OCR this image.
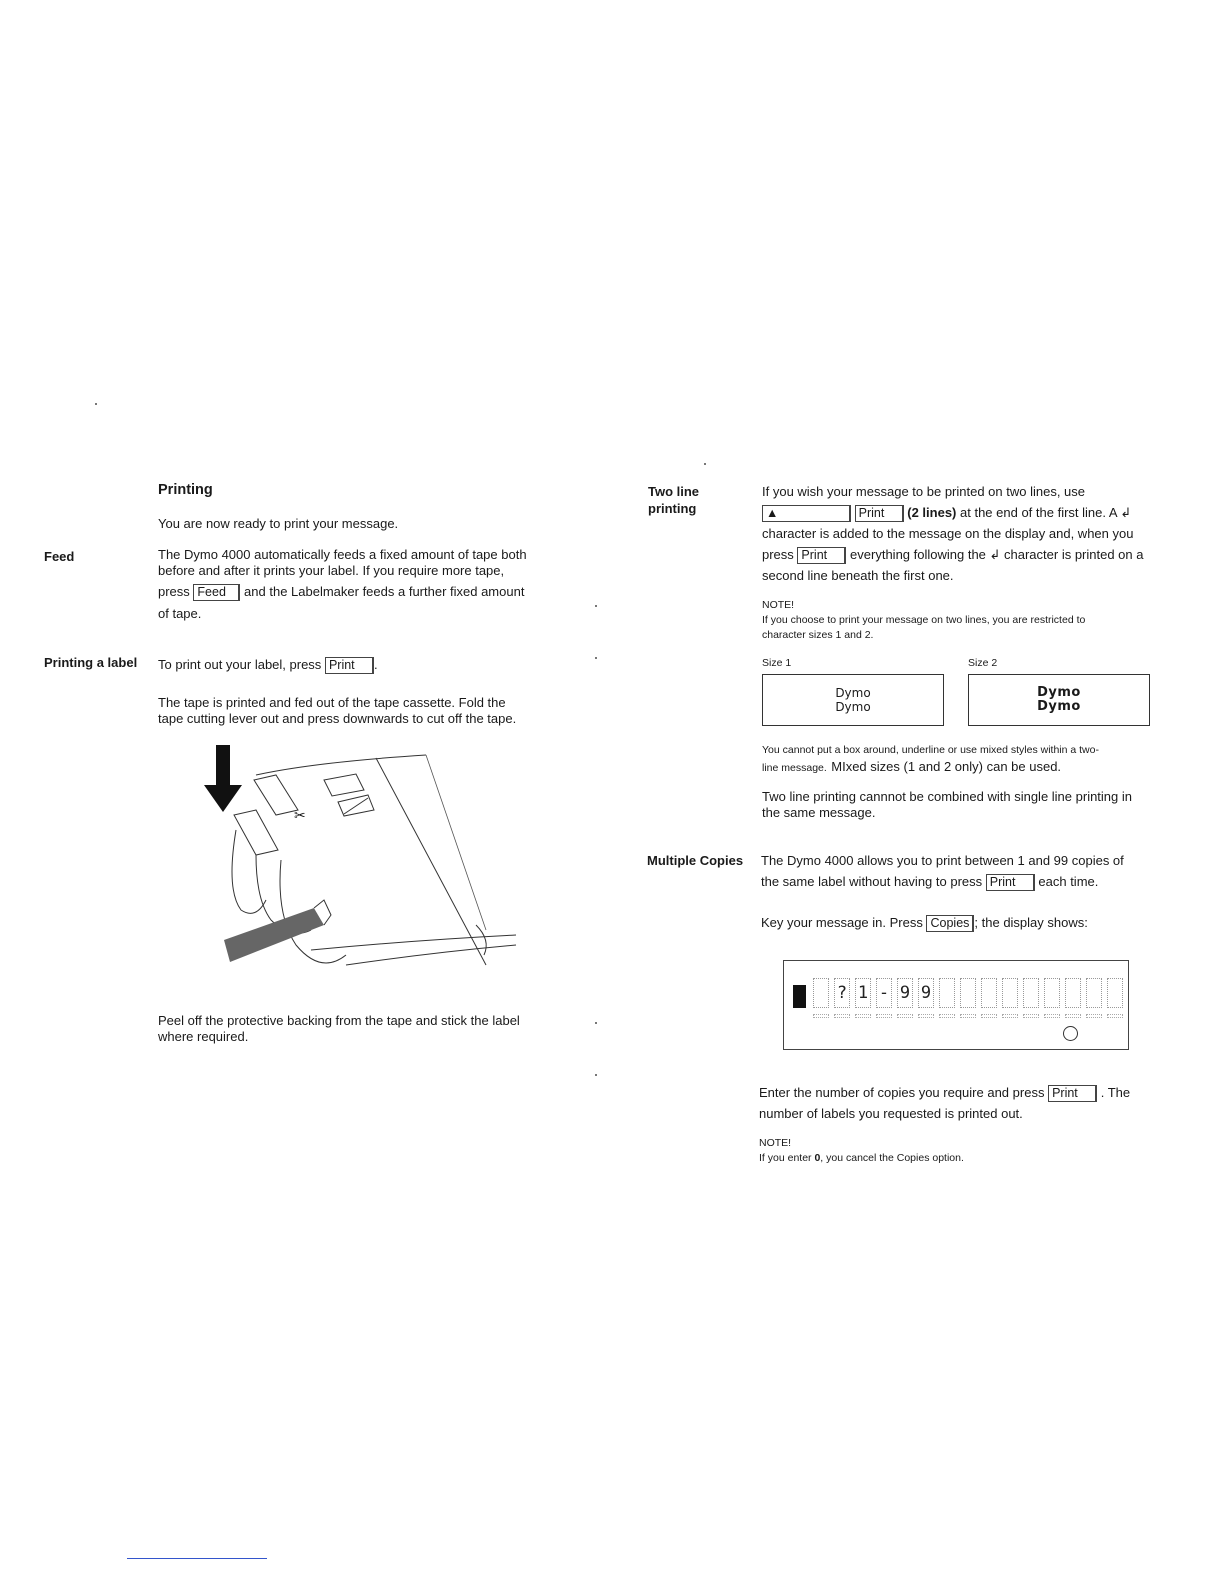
Printing
You are now ready to print your message.
Feed	The Dymo 4000 automatically feeds a fixed amount of tape both
before and after it prints your label. If you require more tape,
press Feed and the Labelmaker feeds a further fixed amount
of tape.
Printing a label To print out your label, press Print .
The tape is printed and fed out of the tape cassette. Fold the
tape cutting lever out and press downwards to cut off the tape.
✂
Peel off the protective backing from the tape and stick the label
where required.
Two line
printing
If you wish your message to be printed on two lines, use
▲	Print (2 lines) at the end of the first line. A ↲
character is added to the message on the display and, when you
press Print everything following the ↲ character is printed on a
second line beneath the first one.
NOTE!
If you choose to print your message on two lines, you are restricted to
character sizes 1 and 2.
Size 1	Size 2
Dymo
Dymo
Dymo
Dymo
You cannot put a box around, underline or use mixed styles within a two-
line message. MIxed sizes (1 and 2 only) can be used.
Two line printing cannnot be combined with single line printing in
the same message.
Multiple Copies The Dymo 4000 allows you to print between 1 and 99 copies of
the same label without having to press Print each time.
Key your message in. Press Copies ; the display shows:
? 1 - 9 9
Enter the number of copies you require and press Print . The
number of labels you requested is printed out.
NOTE!
If you enter 0, you cancel the Copies option.
